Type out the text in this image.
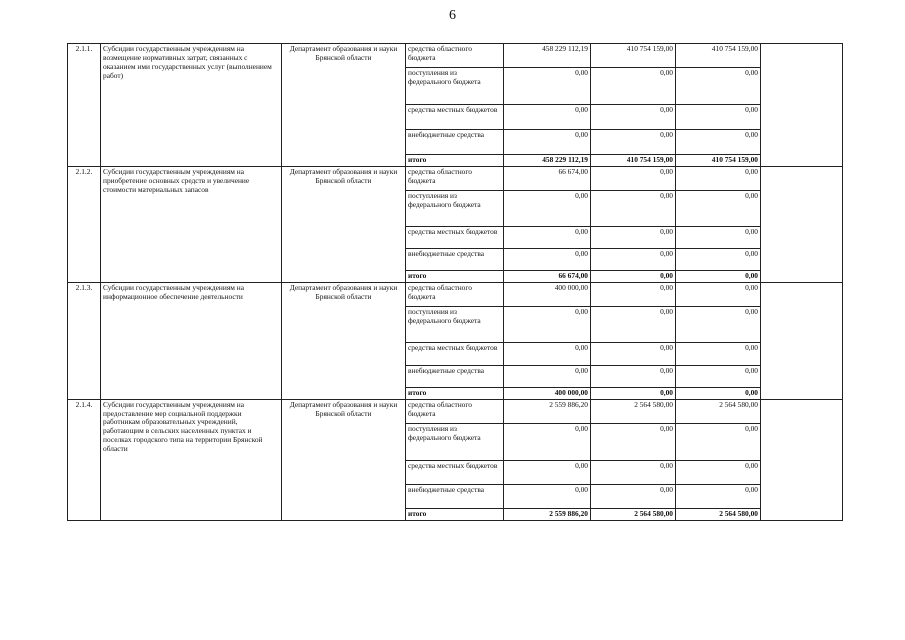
6
2.1.1.	Субсидии государственным учреждениям на возмещение нормативных затрат, связанных с оказанием ими государственных услуг (выполнением работ)	Департамент образования и науки Брянской области	средства областного бюджета	458 229 112,19	410 754 159,00	410 754 159,00	
			поступления из федерального бюджета	0,00	0,00	0,00	
			средства местных бюджетов	0,00	0,00	0,00	
			внебюджетные средства	0,00	0,00	0,00	
			итого	458 229 112,19	410 754 159,00	410 754 159,00	
2.1.2.	Субсидии государственным учреждениям на приобретение основных средств и увеличение стоимости материальных запасов	Департамент образования и науки Брянской области	средства областного бюджета	66 674,00	0,00	0,00	
			поступления из федерального бюджета	0,00	0,00	0,00	
			средства местных бюджетов	0,00	0,00	0,00	
			внебюджетные средства	0,00	0,00	0,00	
			итого	66 674,00	0,00	0,00	
2.1.3.	Субсидии государственным учреждениям на информационное обеспечение деятельности	Департамент образования и науки Брянской области	средства областного бюджета	400 000,00	0,00	0,00	
			поступления из федерального бюджета	0,00	0,00	0,00	
			средства местных бюджетов	0,00	0,00	0,00	
			внебюджетные средства	0,00	0,00	0,00	
			итого	400 000,00	0,00	0,00	
2.1.4.	Субсидии государственным учреждениям на предоставление мер социальной поддержки работникам образовательных учреждений, работающим в сельских населенных пунктах и поселках городского типа на территории Брянской области	Департамент образования и науки Брянской области	средства областного бюджета	2 559 886,20	2 564 580,00	2 564 580,00	
			поступления из федерального бюджета	0,00	0,00	0,00	
			средства местных бюджетов	0,00	0,00	0,00	
			внебюджетные средства	0,00	0,00	0,00	
			итого	2 559 886,20	2 564 580,00	2 564 580,00	
